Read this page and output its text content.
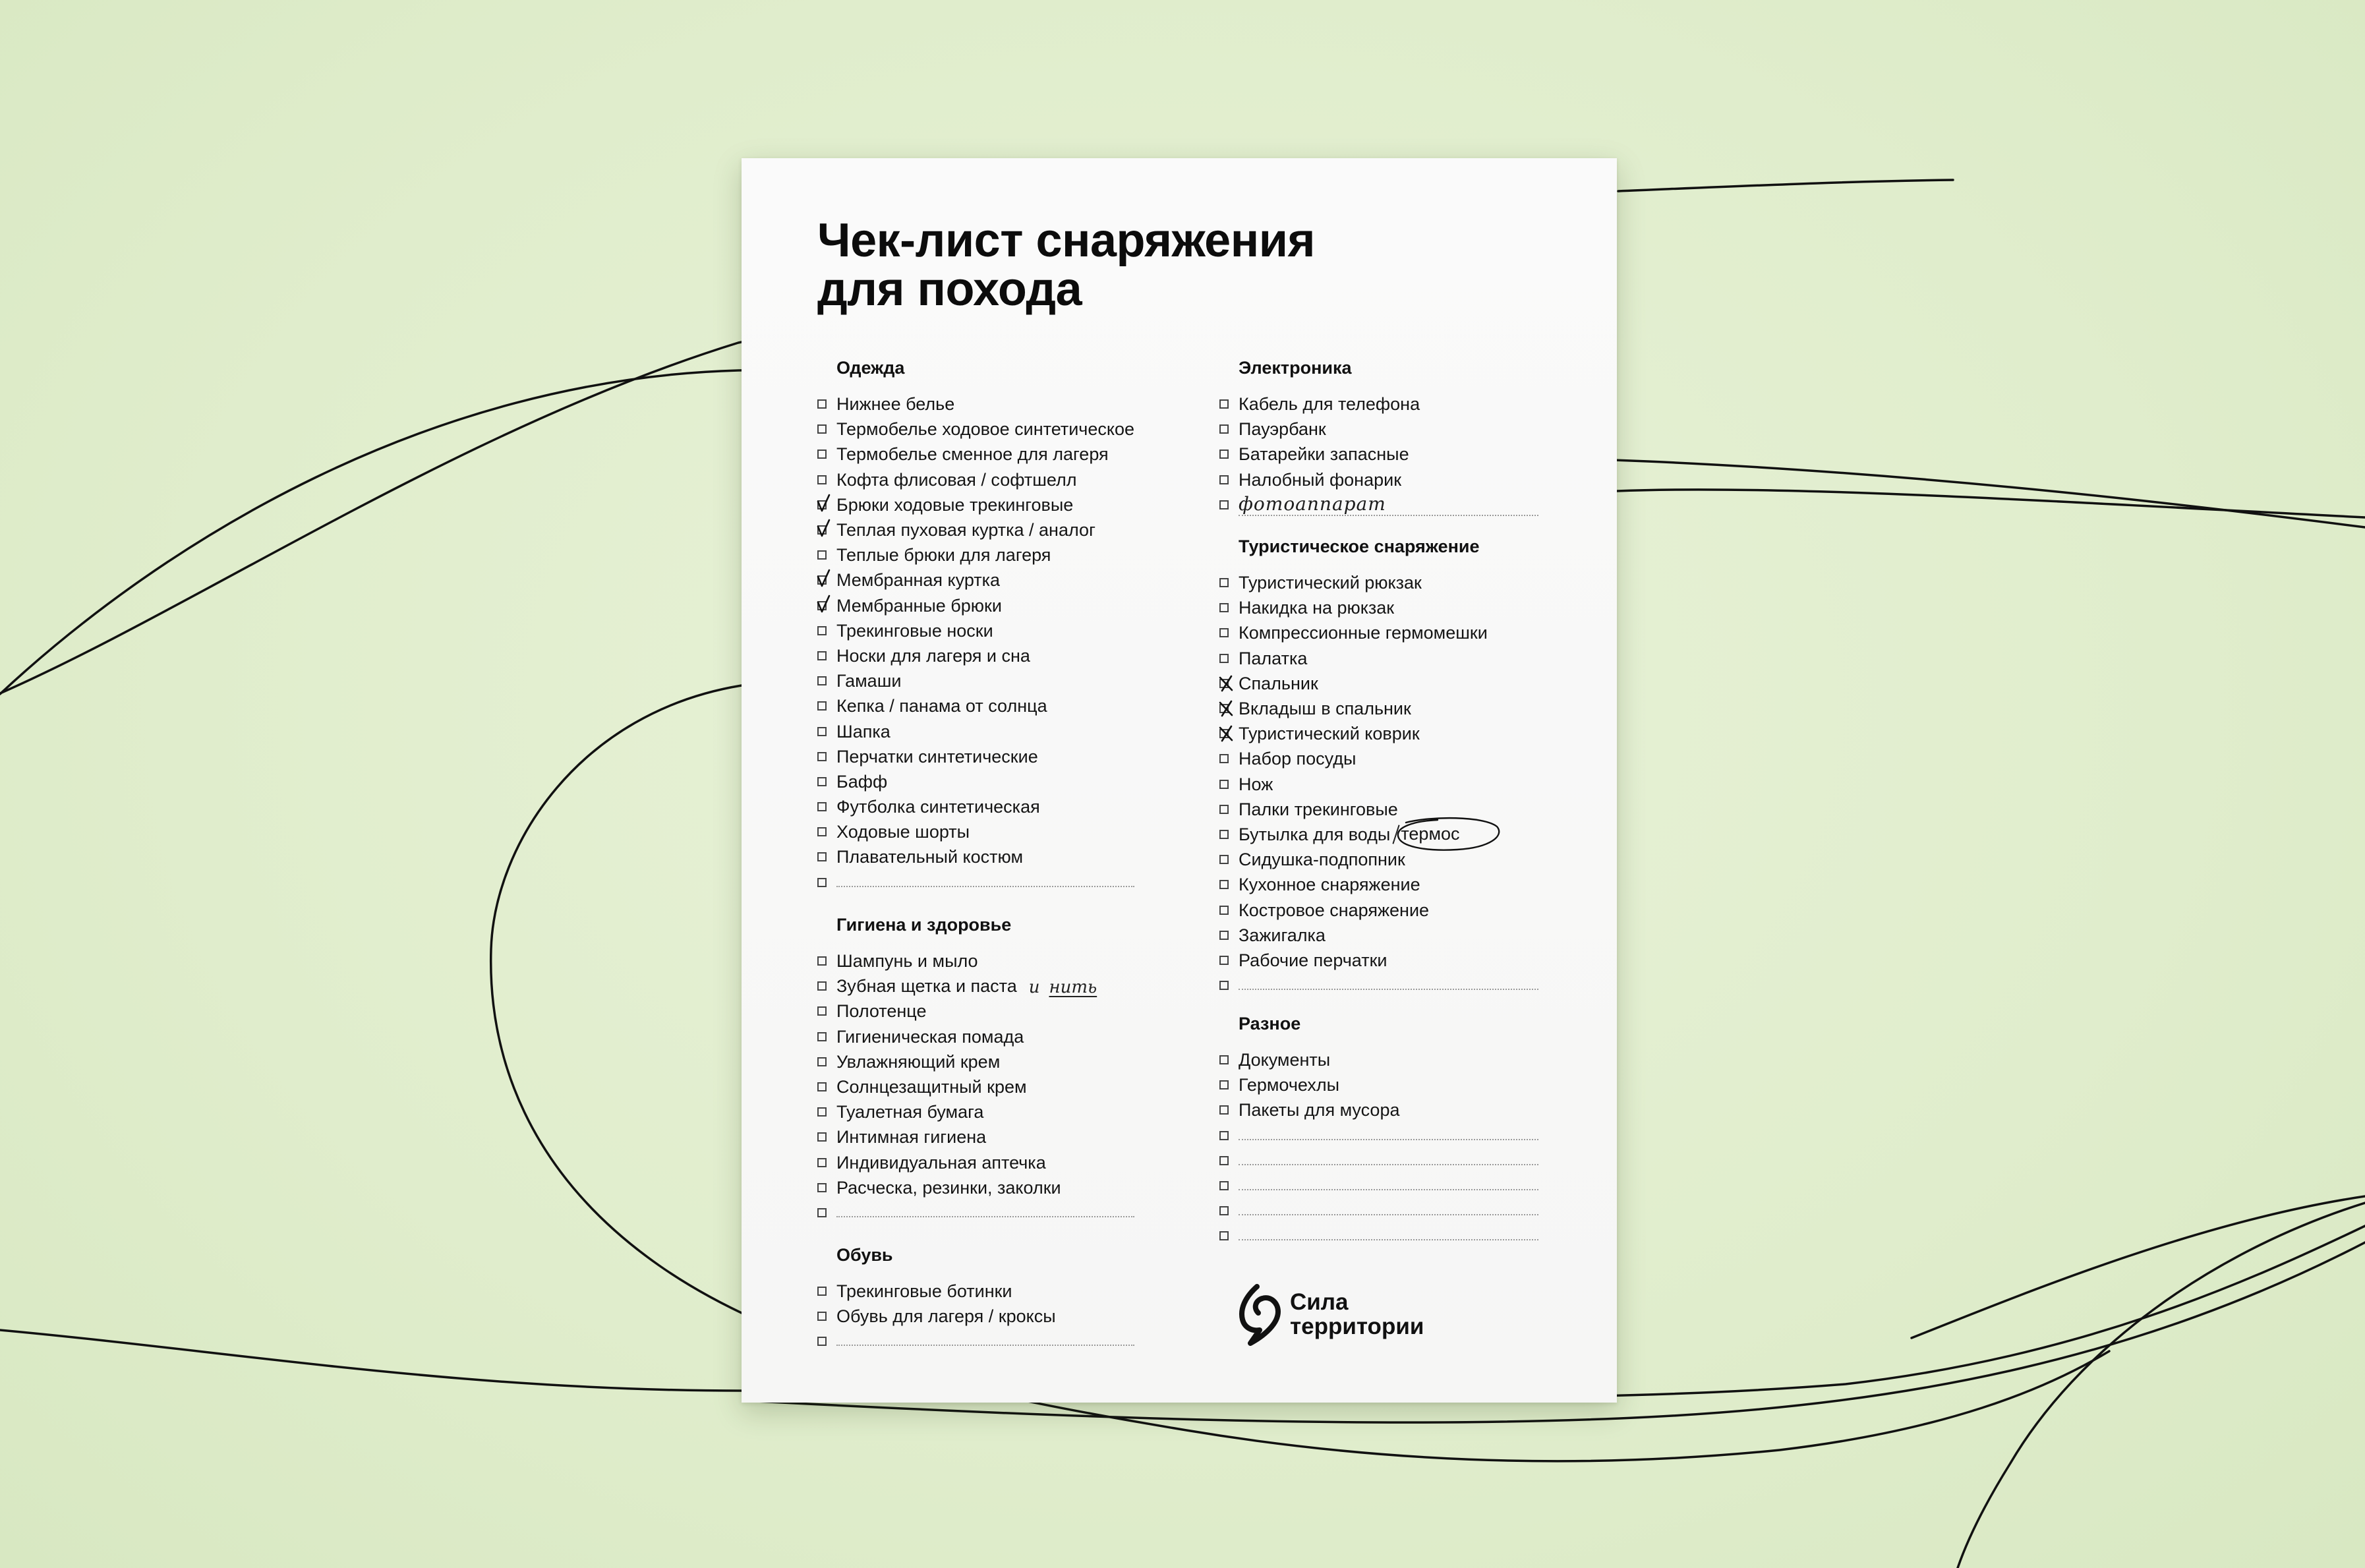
Чек-лист снаряжения
для похода
Одежда
Нижнее белье
Термобелье ходовое синтетическое
Термобелье сменное для лагеря
Кофта флисовая / софтшелл
Брюки ходовые трекинговые
Теплая пуховая куртка / аналог
Теплые брюки для лагеря
Мембранная куртка
Мембранные брюки
Трекинговые носки
Носки для лагеря и сна
Гамаши
Кепка / панама от солнца
Шапка
Перчатки синтетические
Бафф
Футболка синтетическая
Ходовые шорты
Плавательный костюм
Гигиена и здоровье
Шампунь и мыло
Зубная щетка и паста и нить
Полотенце
Гигиеническая помада
Увлажняющий крем
Солнцезащитный крем
Туалетная бумага
Интимная гигиена
Индивидуальная аптечка
Расческа, резинки, заколки
Обувь
Трекинговые ботинки
Обувь для лагеря / кроксы
Электроника
Кабель для телефона
Пауэрбанк
Батарейки запасные
Налобный фонарик
фотоаппарат
Туристическое снаряжение
Туристический рюкзак
Накидка на рюкзак
Компрессионные гермомешки
Палатка
Спальник
Вкладыш в спальник
Туристический коврик
Набор посуды
Нож
Палки трекинговые
Бутылка для воды термос
Сидушка-подпопник
Кухонное снаряжение
Костровое снаряжение
Зажигалка
Рабочие перчатки
Разное
Документы
Гермочехлы
Пакеты для мусора
Сила
территории
